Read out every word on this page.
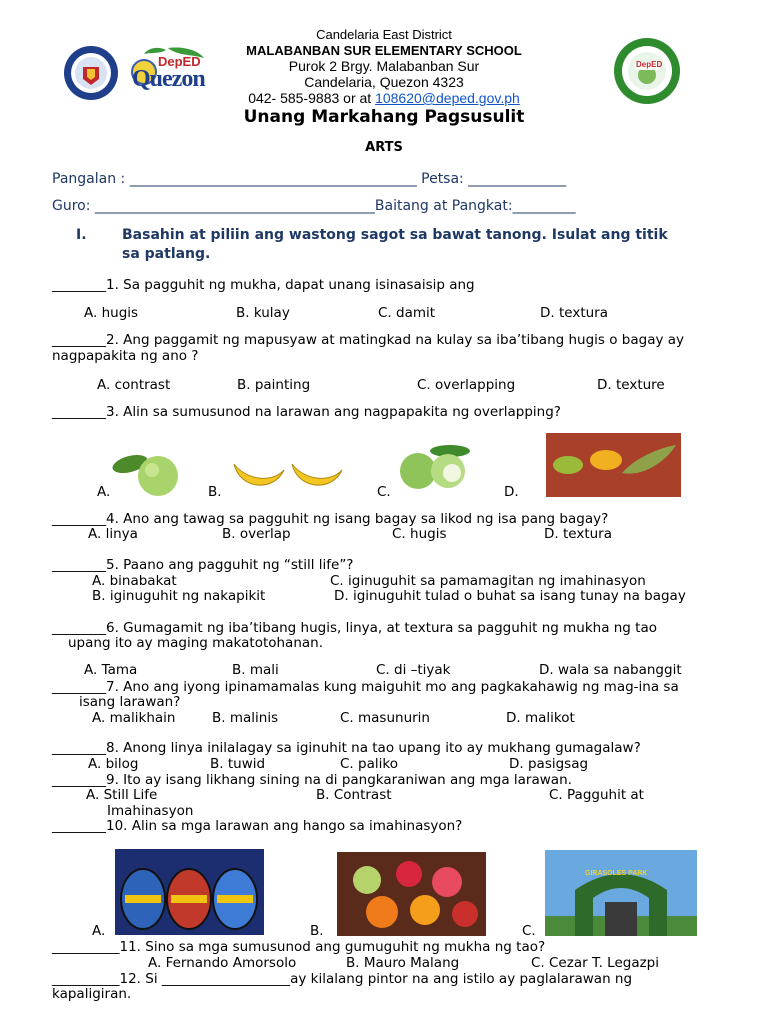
DepED
Quezon
DepED
Candelaria East District
MALABANBAN SUR ELEMENTARY SCHOOL
Purok 2 Brgy. Malabanban Sur
Candelaria, Quezon 4323
042- 585-9883 or at 108620@deped.gov.ph
Unang Markahang Pagsusulit
ARTS
Pangalan : _________________________________________ Petsa: ______________
Guro: ________________________________________Baitang at Pangkat:_________
I.	Basahin at piliin ang wastong sagot sa bawat tanong. Isulat ang titik
sa patlang.
________1. Sa pagguhit ng mukha, dapat unang isinasaisip ang
A. hugis	B. kulay	C. damit	D. textura
________2. Ang paggamit ng mapusyaw at matingkad na kulay sa iba’tibang hugis o bagay ay
nagpapakita ng ano ?
A. contrast	B. painting	C. overlapping	D. texture
________3. Alin sa sumusunod na larawan ang nagpapakita ng overlapping?
A.	B.	C.	D.
________4. Ano ang tawag sa pagguhit ng isang bagay sa likod ng isa pang bagay?
A. linya	B. overlap	C. hugis	D. textura
________5. Paano ang pagguhit ng “still life”?
A. binabakat	C. iginuguhit sa pamamagitan ng imahinasyon
B. iginuguhit ng nakapikit	D. iginuguhit tulad o buhat sa isang tunay na bagay
________6. Gumagamit ng iba’tibang hugis, linya, at textura sa pagguhit ng mukha ng tao
upang ito ay maging makatotohanan.
A. Tama	B. mali	C. di –tiyak	D. wala sa nabanggit
________7. Ano ang iyong ipinamamalas kung maiguhit mo ang pagkakahawig ng mag-ina sa
isang larawan?
A. malikhain	B. malinis	C. masunurin	D. malikot
________8. Anong linya inilalagay sa iginuhit na tao upang ito ay mukhang gumagalaw?
A. bilog	B. tuwid	C. paliko	D. pasigsag
________9. Ito ay isang likhang sining na di pangkaraniwan ang mga larawan.
A. Still Life	B. Contrast	C. Pagguhit at
Imahinasyon
________10. Alin sa mga larawan ang hango sa imahinasyon?
A.	B.	C.
GIRASOLES PARK
__________11. Sino sa mga sumusunod ang gumuguhit ng mukha ng tao?
A. Fernando Amorsolo	B. Mauro Malang	C. Cezar T. Legazpi
__________12. Si ___________________ay kilalang pintor na ang istilo ay paglalarawan ng
kapaligiran.
